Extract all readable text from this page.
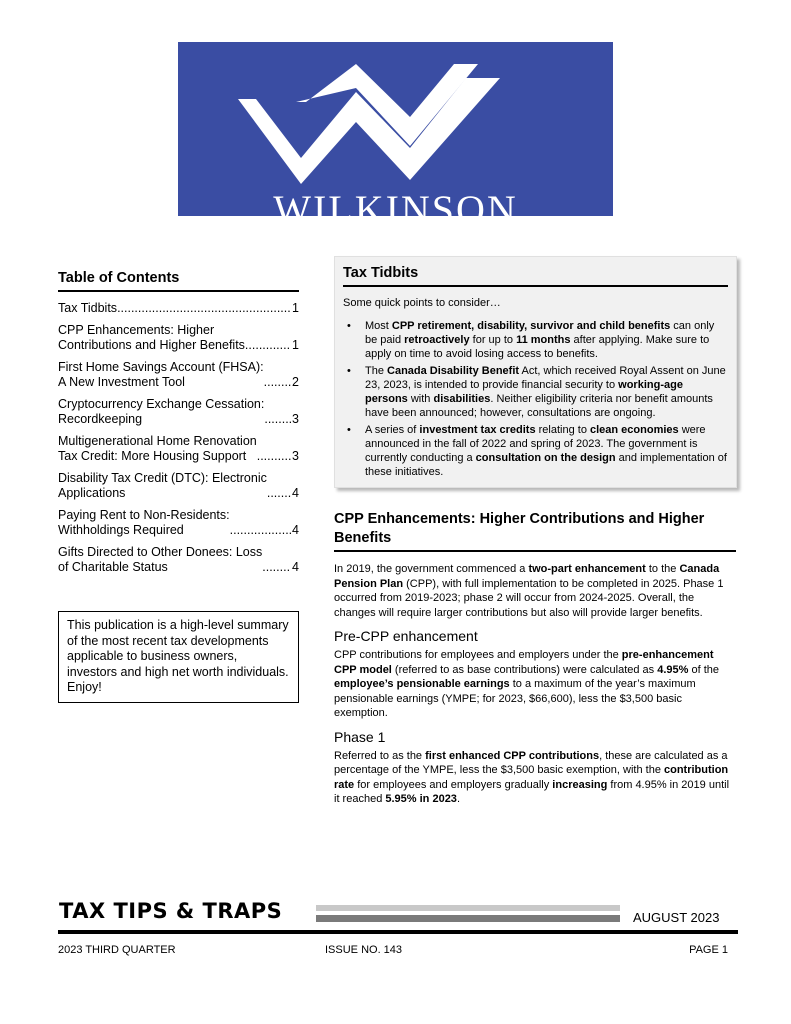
WILKINSON
Table of Contents
Tax Tidbits .....	1
CPP Enhancements: Higher
Contributions and Higher Benefits .....	1
First Home Savings Account (FHSA):
A New Investment Tool .....	2
Cryptocurrency Exchange Cessation:
Recordkeeping .....	3
Multigenerational Home Renovation
Tax Credit: More Housing Support .....	3
Disability Tax Credit (DTC): Electronic
Applications .....	4
Paying Rent to Non-Residents:
Withholdings Required .....	4
Gifts Directed to Other Donees: Loss
of Charitable Status .....	4
This publication is a high-level summary of the most recent tax developments applicable to business owners, investors and high net worth individuals. Enjoy!
Tax Tidbits
Some quick points to consider…
• Most CPP retirement, disability, survivor and child benefits can only be paid retroactively for up to 11 months after applying. Make sure to apply on time to avoid losing access to benefits.
• The Canada Disability Benefit Act, which received Royal Assent on June 23, 2023, is intended to provide financial security to working-age persons with disabilities. Neither eligibility criteria nor benefit amounts have been announced; however, consultations are ongoing.
• A series of investment tax credits relating to clean economies were announced in the fall of 2022 and spring of 2023. The government is currently conducting a consultation on the design and implementation of these initiatives.
CPP Enhancements: Higher Contributions and Higher Benefits
In 2019, the government commenced a two-part enhancement to the Canada Pension Plan (CPP), with full implementation to be completed in 2025. Phase 1 occurred from 2019-2023; phase 2 will occur from 2024-2025. Overall, the changes will require larger contributions but also will provide larger benefits.
Pre-CPP enhancement
CPP contributions for employees and employers under the pre-enhancement CPP model (referred to as base contributions) were calculated as 4.95% of the employee’s pensionable earnings to a maximum of the year’s maximum pensionable earnings (YMPE; for 2023, $66,600), less the $3,500 basic exemption.
Phase 1
Referred to as the first enhanced CPP contributions, these are calculated as a percentage of the YMPE, less the $3,500 basic exemption, with the contribution rate for employees and employers gradually increasing from 4.95% in 2019 until it reached 5.95% in 2023.
TAX TIPS & TRAPS	AUGUST 2023
2023 THIRD QUARTER	ISSUE NO. 143	PAGE 1
